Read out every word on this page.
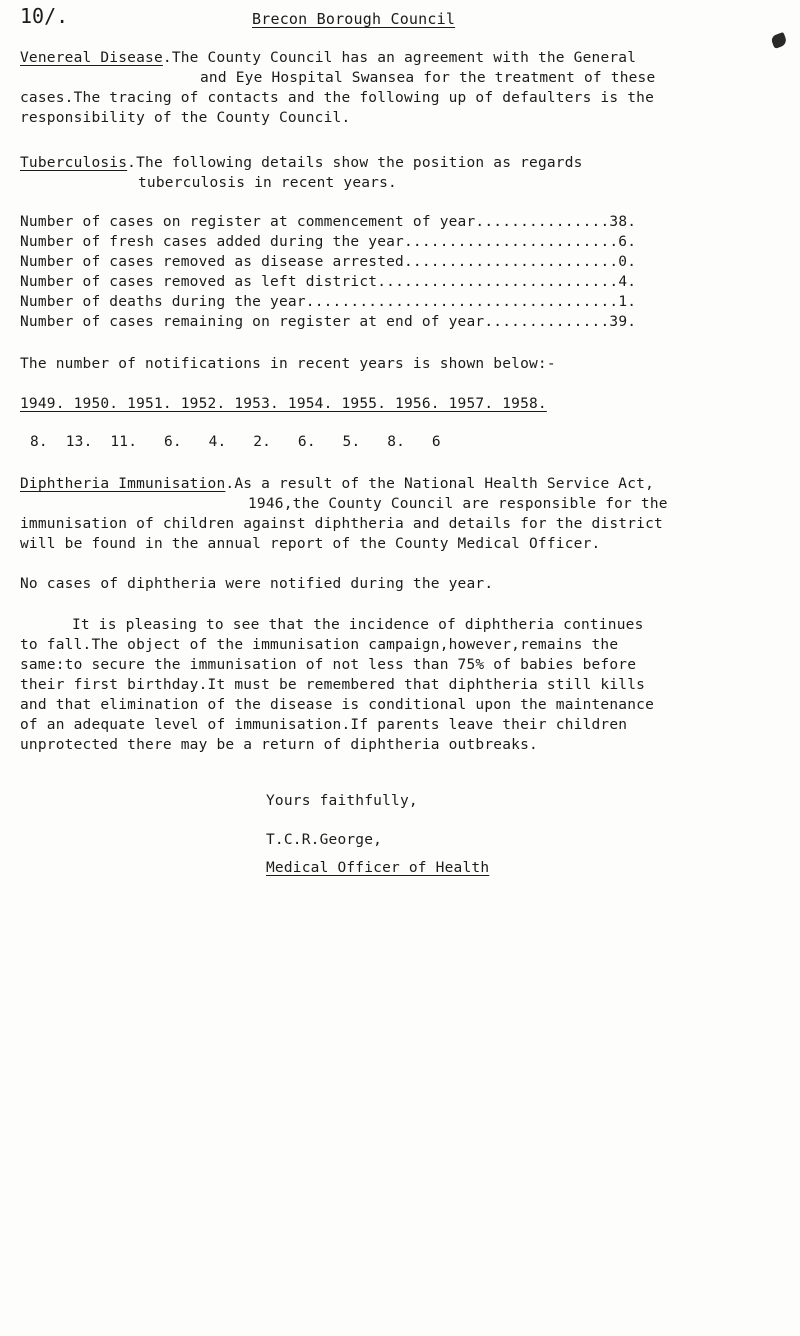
10/.	Brecon Borough Council
Venereal Disease.The County Council has an agreement with the General
and Eye Hospital Swansea for the treatment of these
cases.The tracing of contacts and the following up of defaulters is the
responsibility of the County Council.
Tuberculosis.The following details show the position as regards
tuberculosis in recent years.
Number of cases on register at commencement of year...............38.
Number of fresh cases added during the year........................6.
Number of cases removed as disease arrested........................0.
Number of cases removed as left district...........................4.
Number of deaths during the year...................................1.
Number of cases remaining on register at end of year..............39.
The number of notifications in recent years is shown below:-
1949. 1950. 1951. 1952. 1953. 1954. 1955. 1956. 1957. 1958.
8.  13.  11.   6.   4.   2.   6.   5.   8.   6
Diphtheria Immunisation.As a result of the National Health Service Act,
1946,the County Council are responsible for the
immunisation of children against diphtheria and details for the district
will be found in the annual report of the County Medical Officer.
No cases of diphtheria were notified during the year.
It is pleasing to see that the incidence of diphtheria continues
to fall.The object of the immunisation campaign,however,remains the
same:to secure the immunisation of not less than 75% of babies before
their first birthday.It must be remembered that diphtheria still kills
and that elimination of the disease is conditional upon the maintenance
of an adequate level of immunisation.If parents leave their children
unprotected there may be a return of diphtheria outbreaks.
Yours faithfully,
T.C.R.George,
Medical Officer of Health
